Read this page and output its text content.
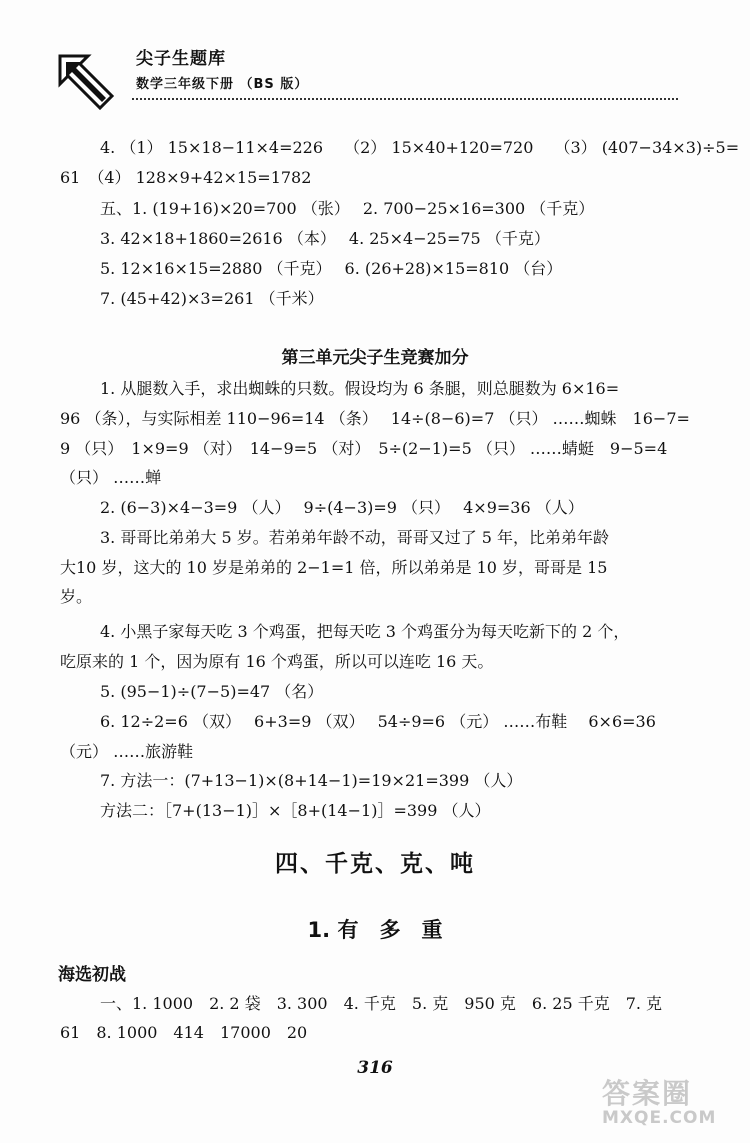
尖子生题库
数学三年级下册 （BS 版）
4. （1） 15×18−11×4=226　 （2） 15×40+120=720　 （3） (407−34×3)÷5=
61　（4） 128×9+42×15=1782
五、1. (19+16)×20=700 （张）　 2. 700−25×16=300 （千克）
3. 42×18+1860=2616 （本）　 4. 25×4−25=75 （千克）
5. 12×16×15=2880 （千克）　 6. (26+28)×15=810 （台）
7. (45+42)×3=261 （千米）
第三单元尖子生竞赛加分
1. 从腿数入手，求出蜘蛛的只数。假设均为 6 条腿，则总腿数为 6×16=
96 （条），与实际相差 110−96=14 （条）　 14÷(8−6)=7 （只） ……蜘蛛　16−7=
9 （只）　1×9=9 （对）　14−9=5 （对）　5÷(2−1)=5 （只） ……蜻蜓　9−5=4
（只） ……蝉
2. (6−3)×4−3=9 （人）　 9÷(4−3)=9 （只）　 4×9=36 （人）
3. 哥哥比弟弟大 5 岁。若弟弟年龄不动，哥哥又过了 5 年，比弟弟年龄
大10 岁，这大的 10 岁是弟弟的 2−1=1 倍，所以弟弟是 10 岁，哥哥是 15
岁。
4. 小黑子家每天吃 3 个鸡蛋，把每天吃 3 个鸡蛋分为每天吃新下的 2 个，
吃原来的 1 个，因为原有 16 个鸡蛋，所以可以连吃 16 天。
5. (95−1)÷(7−5)=47 （名）
6. 12÷2=6 （双）　 6+3=9 （双）　 54÷9=6 （元） ……布鞋　 6×6=36
（元） ……旅游鞋
7. 方法一：(7+13−1)×(8+14−1)=19×21=399 （人）
方法二：［7+(13−1)］×［8+(14−1)］=399 （人）
四、千克、克、吨
1. 有　多　重
海选初战
一、1. 1000　2. 2 袋　3. 300　4. 千克　5. 克　950 克　6. 25 千克　7. 克
61　8. 1000　414　17000　20
316
答案圈
MXQE.COM
